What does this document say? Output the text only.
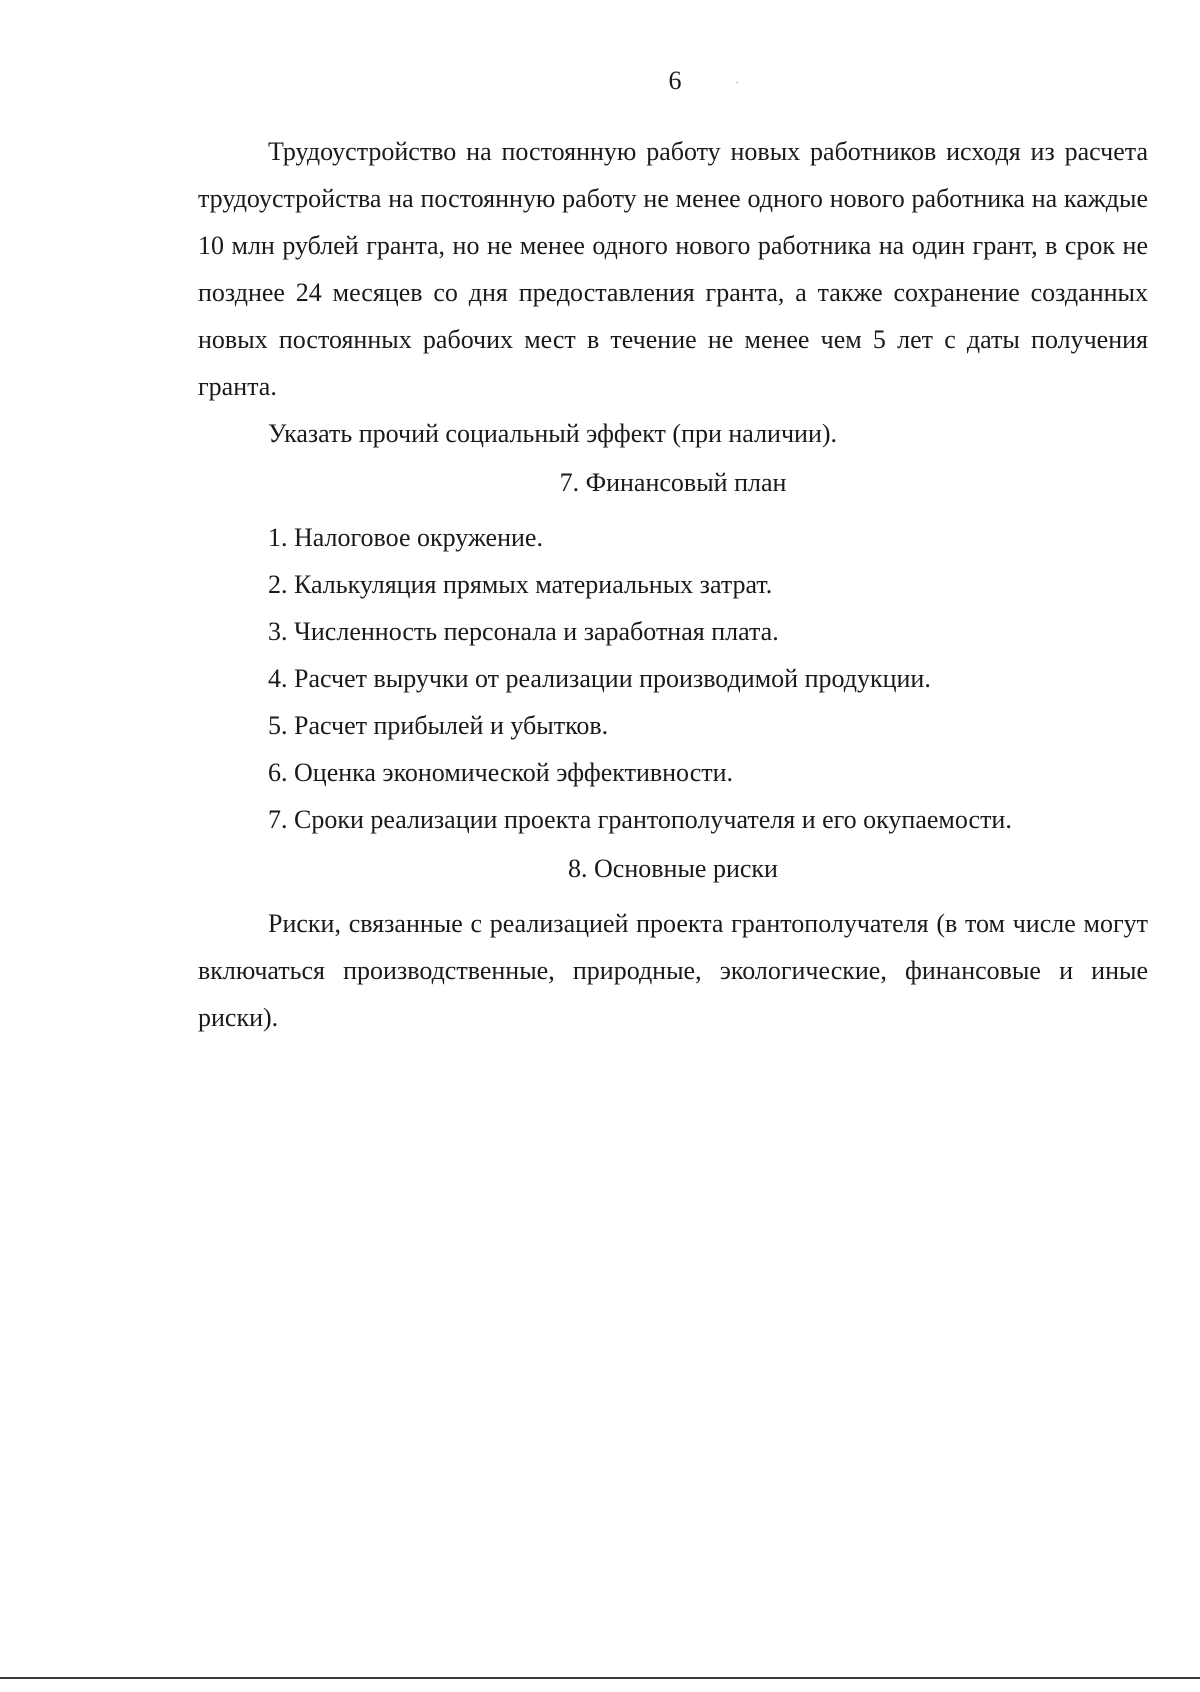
6

Трудоустройство на постоянную работу новых работников исходя из расчета трудоустройства на постоянную работу не менее одного нового работника на каждые 10 млн рублей гранта, но не менее одного нового работника на один грант, в срок не позднее 24 месяцев со дня предоставления гранта, а также сохранение созданных новых постоянных рабочих мест в течение не менее чем 5 лет с даты получения гранта.

Указать прочий социальный эффект (при наличии).

7. Финансовый план
1. Налоговое окружение.
2. Калькуляция прямых материальных затрат.
3. Численность персонала и заработная плата.
4. Расчет выручки от реализации производимой продукции.
5. Расчет прибылей и убытков.
6. Оценка экономической эффективности.
7. Сроки реализации проекта грантополучателя и его окупаемости.
8. Основные риски

Риски, связанные с реализацией проекта грантополучателя (в том числе могут включаться производственные, природные, экологические, финансовые и иные риски).
